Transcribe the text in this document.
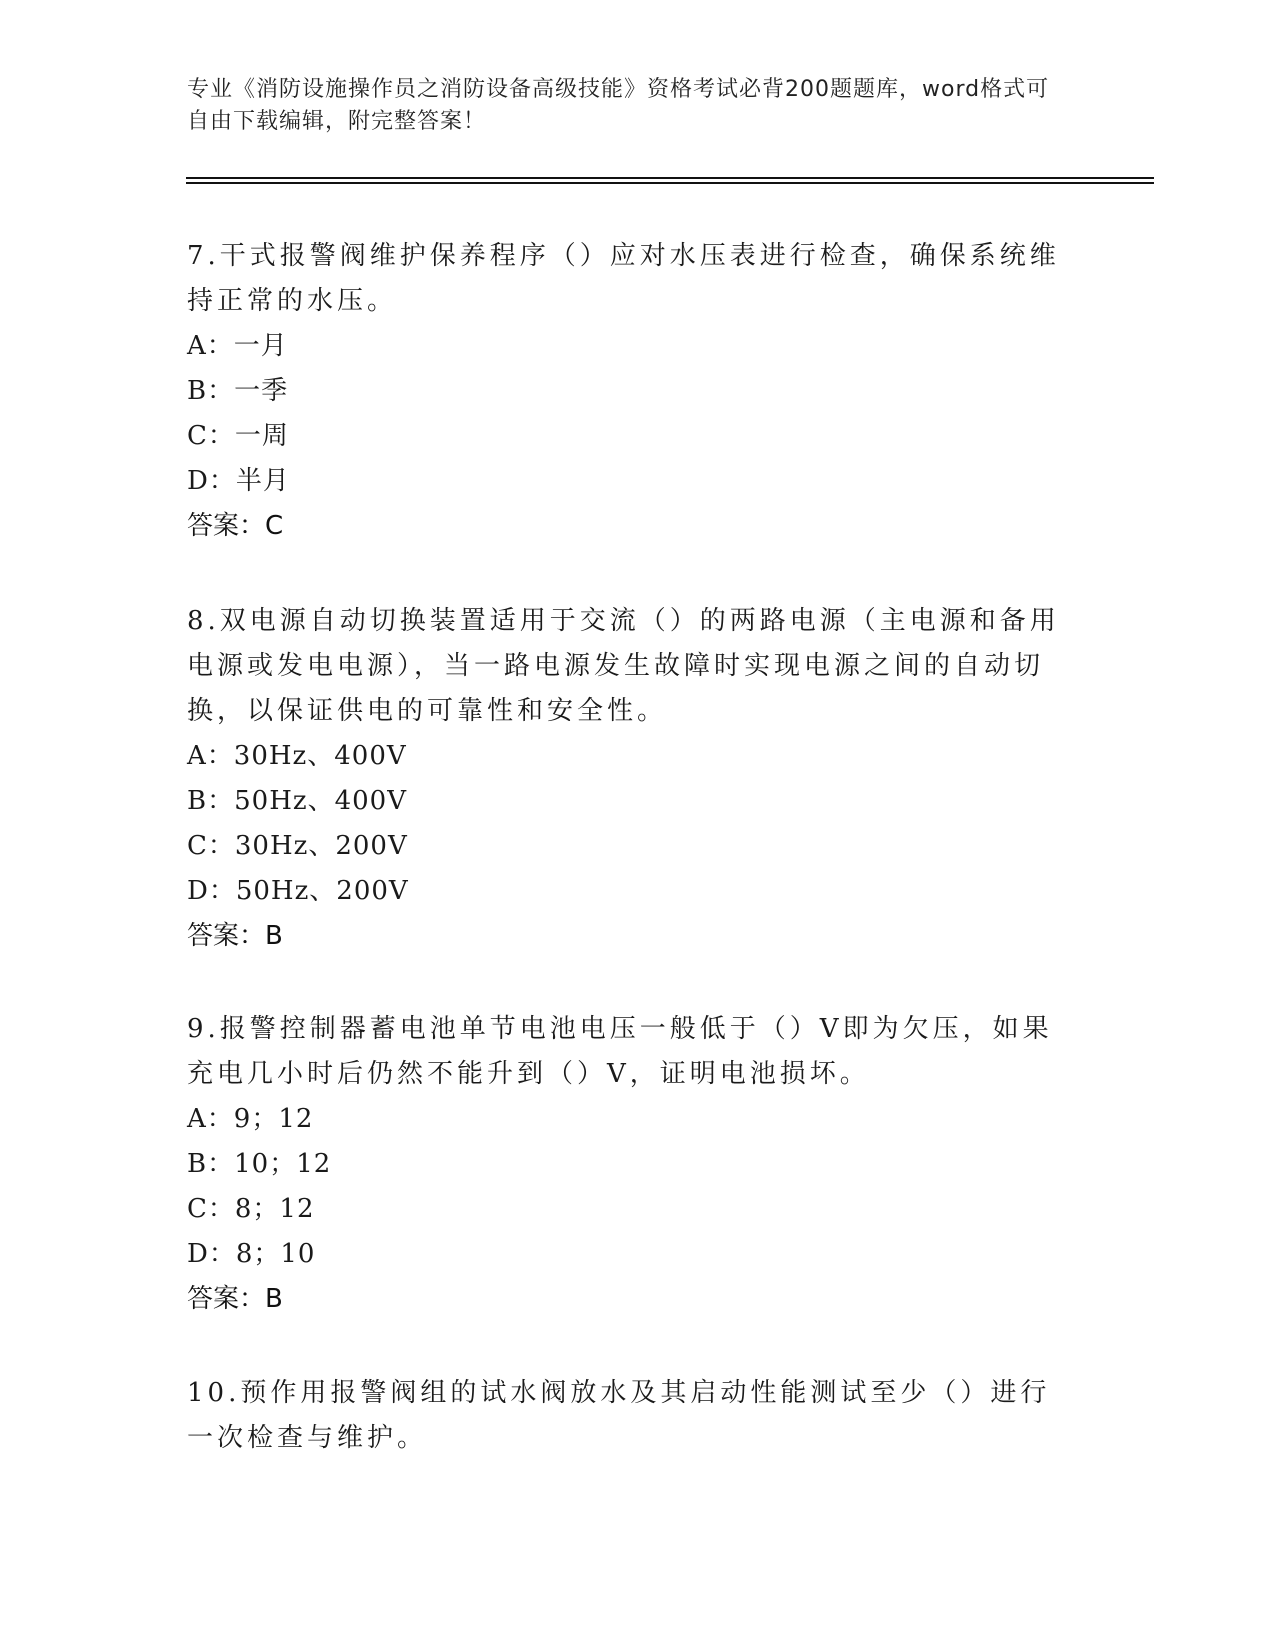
专业《消防设施操作员之消防设备高级技能》资格考试必背200题题库，word格式可自由下载编辑，附完整答案！

7.干式报警阀维护保养程序（）应对水压表进行检查，确保系统维持正常的水压。

A：一月

B：一季

C：一周

D：半月

答案：C

8.双电源自动切换装置适用于交流（）的两路电源（主电源和备用电源或发电电源），当一路电源发生故障时实现电源之间的自动切换，以保证供电的可靠性和安全性。

A：30Hz、400V

B：50Hz、400V

C：30Hz、200V

D：50Hz、200V

答案：B

9.报警控制器蓄电池单节电池电压一般低于（）V即为欠压，如果充电几小时后仍然不能升到（）V，证明电池损坏。

A：9；12

B：10；12

C：8；12

D：8；10

答案：B

10.预作用报警阀组的试水阀放水及其启动性能测试至少（）进行一次检查与维护。
